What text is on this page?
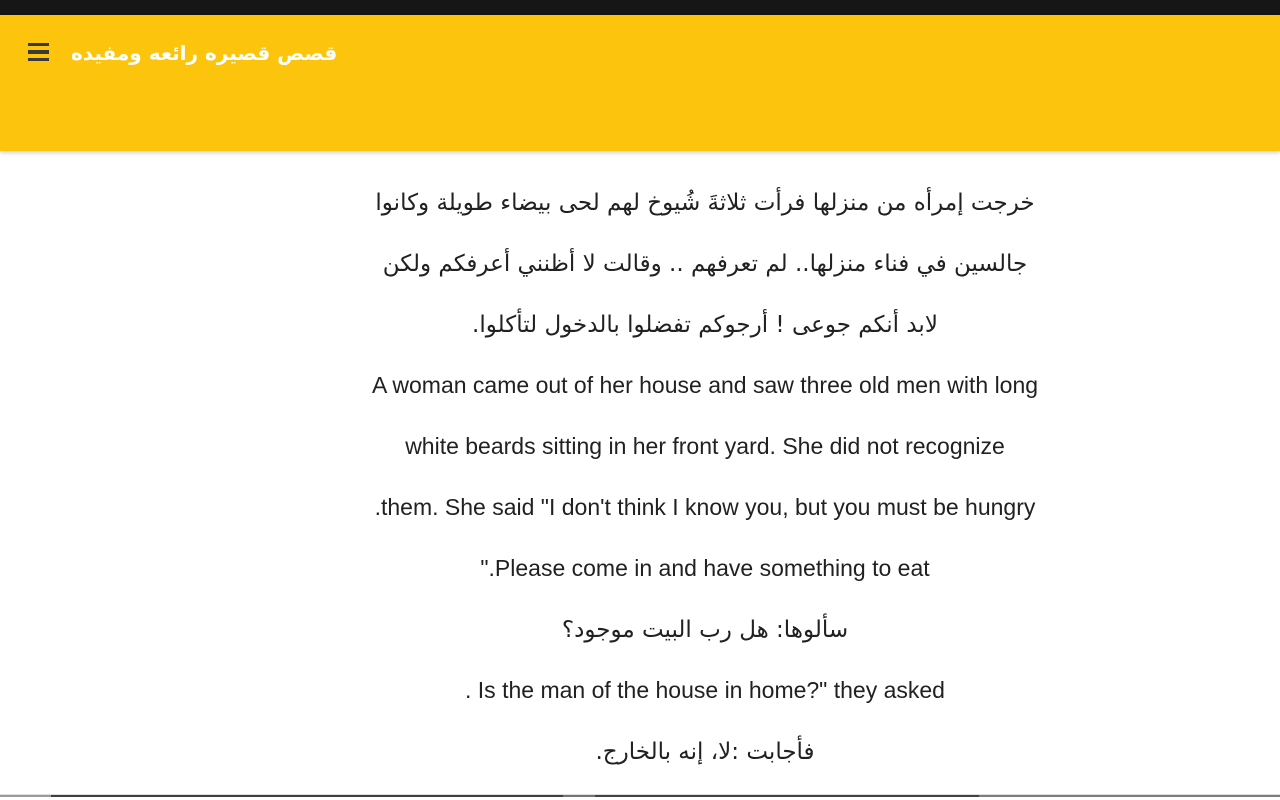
قصص قصيره رائعه ومفيده
خرجت إمرأه من منزلها فرأت ثلاثةَ شُيوخ لهم لحى بيضاء طويلة وكانوا
جالسين في فناء منزلها.. لم تعرفهم .. وقالت لا أظنني أعرفكم ولكن
لابد أنكم جوعى ! أرجوكم تفضلوا بالدخول لتأكلوا.
A woman came out of her house and saw three old men with long
white beards sitting in her front yard. She did not recognize
.them. She said "I don't think I know you, but you must be hungry
".Please come in and have something to eat
سألوها: هل رب البيت موجود؟
. Is the man of the house in home?" they asked
فأجابت :لا، إنه بالخارج.
